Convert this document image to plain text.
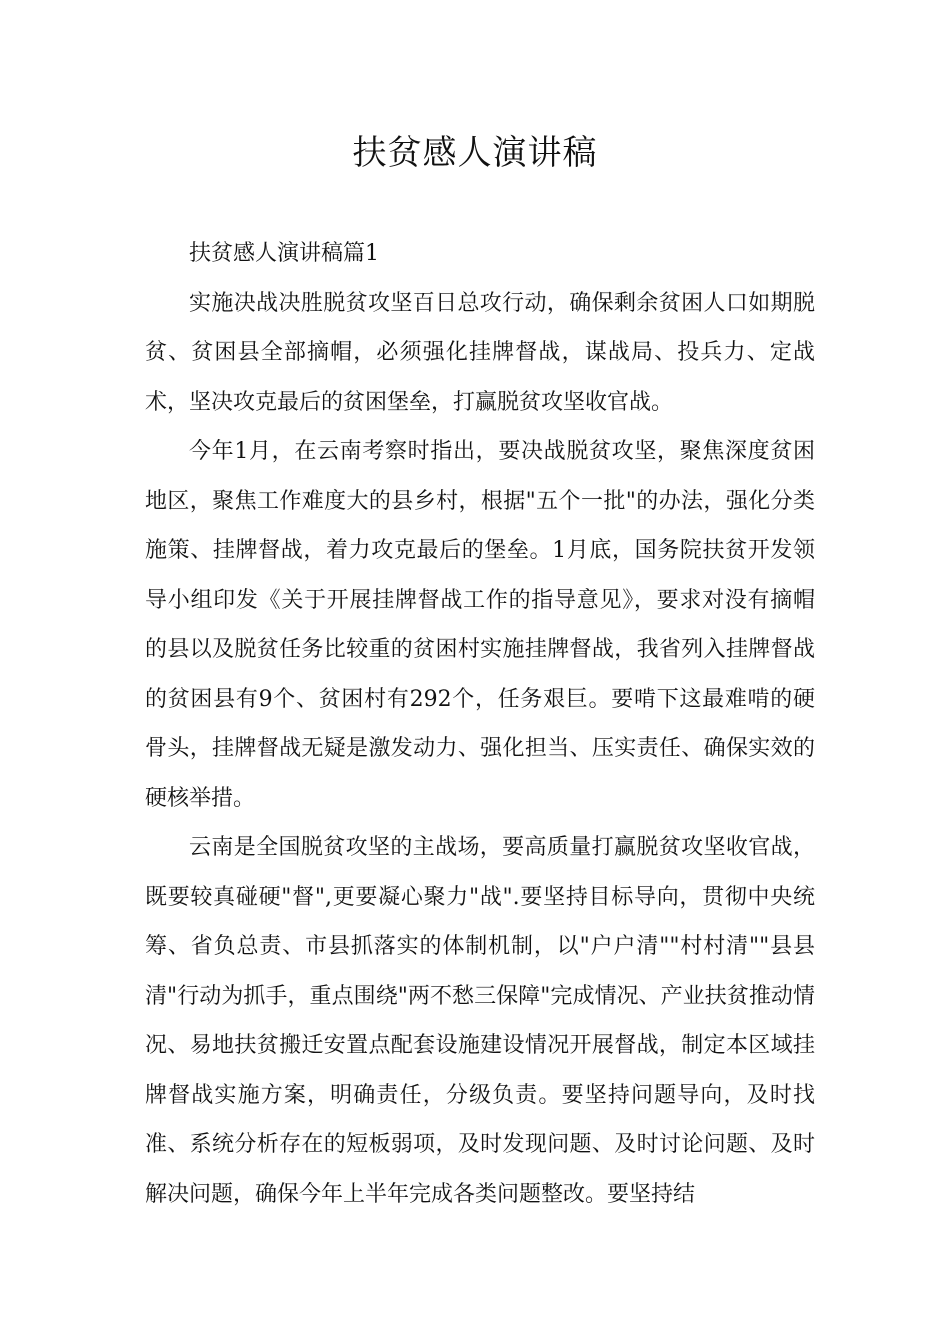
扶贫感人演讲稿

扶贫感人演讲稿篇1

实施决战决胜脱贫攻坚百日总攻行动，确保剩余贫困人口如期脱贫、贫困县全部摘帽，必须强化挂牌督战，谋战局、投兵力、定战术，坚决攻克最后的贫困堡垒，打赢脱贫攻坚收官战。

今年1月，在云南考察时指出，要决战脱贫攻坚，聚焦深度贫困地区，聚焦工作难度大的县乡村，根据"五个一批"的办法，强化分类施策、挂牌督战，着力攻克最后的堡垒。1月底，国务院扶贫开发领导小组印发《关于开展挂牌督战工作的指导意见》，要求对没有摘帽的县以及脱贫任务比较重的贫困村实施挂牌督战，我省列入挂牌督战的贫困县有9个、贫困村有292个，任务艰巨。要啃下这最难啃的硬骨头，挂牌督战无疑是激发动力、强化担当、压实责任、确保实效的硬核举措。

云南是全国脱贫攻坚的主战场，要高质量打赢脱贫攻坚收官战，既要较真碰硬"督",更要凝心聚力"战".要坚持目标导向，贯彻中央统筹、省负总责、市县抓落实的体制机制，以"户户清""村村清""县县清"行动为抓手，重点围绕"两不愁三保障"完成情况、产业扶贫推动情况、易地扶贫搬迁安置点配套设施建设情况开展督战，制定本区域挂牌督战实施方案，明确责任，分级负责。要坚持问题导向，及时找准、系统分析存在的短板弱项，及时发现问题、及时讨论问题、及时解决问题，确保今年上半年完成各类问题整改。要坚持结
